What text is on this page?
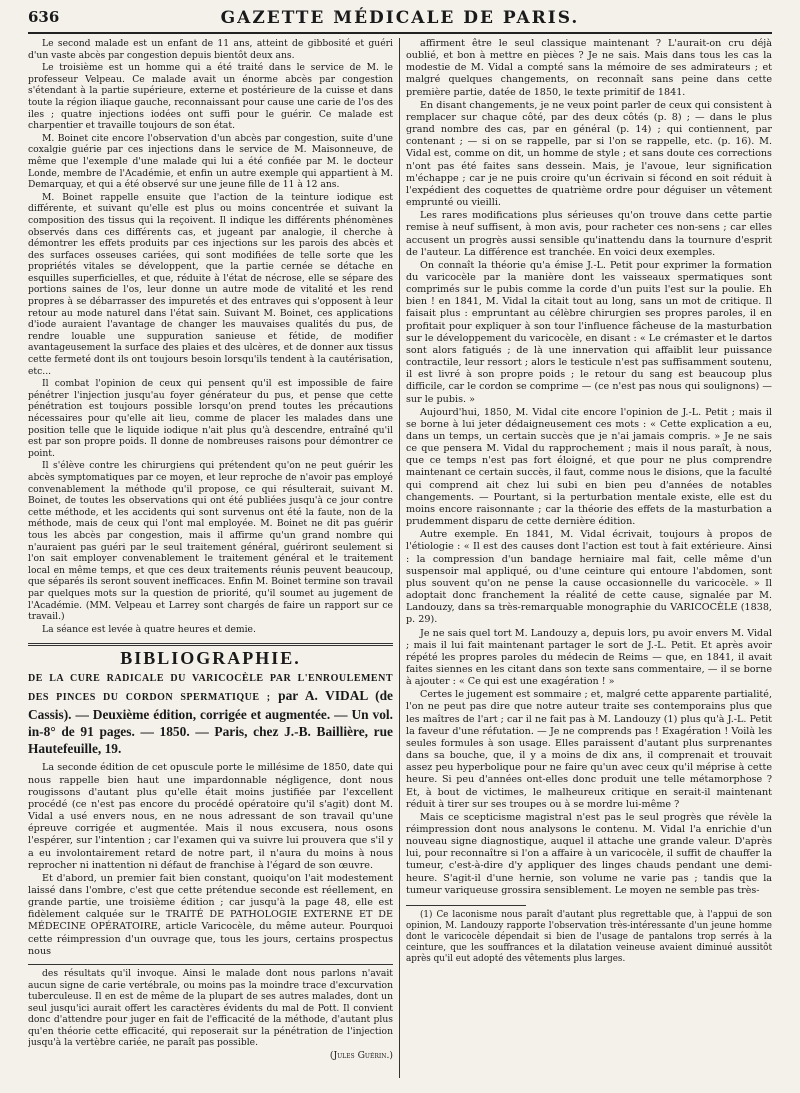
636	GAZETTE MÉDICALE DE PARIS.

Le second malade est un enfant de 11 ans, atteint de gibbosité et guéri d'un vaste abcès par congestion depuis bientôt deux ans.

Le troisième est un homme qui a été traité dans le service de M. le professeur Velpeau. Ce malade avait un énorme abcès par congestion s'étendant à la partie supérieure, externe et postérieure de la cuisse et dans toute la région iliaque gauche, reconnaissant pour cause une carie de l'os des iles ; quatre injections iodées ont suffi pour le guérir. Ce malade est charpentier et travaille toujours de son état.

M. Boinet cite encore l'observation d'un abcès par congestion, suite d'une coxalgie guérie par ces injections dans le service de M. Maisonneuve, de même que l'exemple d'une malade qui lui a été confiée par M. le docteur Londe, membre de l'Académie, et enfin un autre exemple qui appartient à M. Demarquay, et qui a été observé sur une jeune fille de 11 à 12 ans.

M. Boinet rappelle ensuite que l'action de la teinture iodique est différente, et suivant qu'elle est plus ou moins concentrée et suivant la composition des tissus qui la reçoivent. Il indique les différents phénomènes observés dans ces différents cas, et jugeant par analogie, il cherche à démontrer les effets produits par ces injections sur les parois des abcès et des surfaces osseuses cariées, qui sont modifiées de telle sorte que les propriétés vitales se développent, que la partie cernée se détache en esquilles superficielles, et que, réduite à l'état de nécrose, elle se sépare des portions saines de l'os, leur donne un autre mode de vitalité et les rend propres à se débarrasser des impuretés et des entraves qui s'opposent à leur retour au mode naturel dans l'état sain. Suivant M. Boinet, ces applications d'iode auraient l'avantage de changer les mauvaises qualités du pus, de rendre louable une suppuration sanieuse et fétide, de modifier avantageusement la surface des plaies et des ulcères, et de donner aux tissus cette fermeté dont ils ont toujours besoin lorsqu'ils tendent à la cautérisation, etc...

Il combat l'opinion de ceux qui pensent qu'il est impossible de faire pénétrer l'injection jusqu'au foyer générateur du pus, et pense que cette pénétration est toujours possible lorsqu'on prend toutes les précautions nécessaires pour qu'elle ait lieu, comme de placer les malades dans une position telle que le liquide iodique n'ait plus qu'à descendre, entraîné qu'il est par son propre poids. Il donne de nombreuses raisons pour démontrer ce point.

Il s'élève contre les chirurgiens qui prétendent qu'on ne peut guérir les abcès symptomatiques par ce moyen, et leur reproche de n'avoir pas employé convenablement la méthode qu'il propose, ce qui résulterait, suivant M. Boinet, de toutes les observations qui ont été publiées jusqu'à ce jour contre cette méthode, et les accidents qui sont survenus ont été la faute, non de la méthode, mais de ceux qui l'ont mal employée. M. Boinet ne dit pas guérir tous les abcès par congestion, mais il affirme qu'un grand nombre qui n'auraient pas guéri par le seul traitement général, guériront seulement si l'on sait employer convenablement le traitement général et le traitement local en même temps, et que ces deux traitements réunis peuvent beaucoup, que séparés ils seront souvent inefficaces. Enfin M. Boinet termine son travail par quelques mots sur la question de priorité, qu'il soumet au jugement de l'Académie. (MM. Velpeau et Larrey sont chargés de faire un rapport sur ce travail.)

La séance est levée à quatre heures et demie.

BIBLIOGRAPHIE.
DE LA CURE RADICALE DU VARICOCÈLE PAR L'ENROULEMENT DES PINCES DU CORDON SPERMATIQUE ; par A. VIDAL (de Cassis). — Deuxième édition, corrigée et augmentée. — Un vol. in-8° de 91 pages. — 1850. — Paris, chez J.-B. Baillière, rue Hautefeuille, 19.

La seconde édition de cet opuscule porte le millésime de 1850, date qui nous rappelle bien haut une impardonnable négligence, dont nous rougissons d'autant plus qu'elle était moins justifiée par l'excellent procédé (ce n'est pas encore du procédé opératoire qu'il s'agit) dont M. Vidal a usé envers nous, en ne nous adressant de son travail qu'une épreuve corrigée et augmentée. Mais il nous excusera, nous osons l'espérer, sur l'intention ; car l'examen qui va suivre lui prouvera que s'il y a eu involontairement retard de notre part, il n'aura du moins à nous reprocher ni inattention ni défaut de franchise à l'égard de son œuvre.

Et d'abord, un premier fait bien constant, quoiqu'on l'ait modestement laissé dans l'ombre, c'est que cette prétendue seconde est réellement, en grande partie, une troisième édition ; car jusqu'à la page 48, elle est fidèlement calquée sur le TRAITÉ DE PATHOLOGIE EXTERNE ET DE MÉDECINE OPÉRATOIRE, article Varicocèle, du même auteur. Pourquoi cette réimpression d'un ouvrage que, tous les jours, certains prospectus nous

des résultats qu'il invoque. Ainsi le malade dont nous parlons n'avait aucun signe de carie vertébrale, ou moins pas la moindre trace d'excurvation tuberculeuse. Il en est de même de la plupart de ses autres malades, dont un seul jusqu'ici aurait offert les caractères évidents du mal de Pott. Il convient donc d'attendre pour juger en fait de l'efficacité de la méthode, d'autant plus qu'en théorie cette efficacité, qui reposerait sur la pénétration de l'injection jusqu'à la vertèbre cariée, ne paraît pas possible.

(Jules Guérin.)

affirment être le seul classique maintenant ? L'aurait-on cru déjà oublié, et bon à mettre en pièces ? Je ne sais. Mais dans tous les cas la modestie de M. Vidal a compté sans la mémoire de ses admirateurs ; et malgré quelques changements, on reconnaît sans peine dans cette première partie, datée de 1850, le texte primitif de 1841.

En disant changements, je ne veux point parler de ceux qui consistent à remplacer sur chaque côté, par des deux côtés (p. 8) ; — dans le plus grand nombre des cas, par en général (p. 14) ; qui contiennent, par contenant ; — si on se rappelle, par si l'on se rappelle, etc. (p. 16). M. Vidal est, comme on dit, un homme de style ; et sans doute ces corrections n'ont pas été faites sans dessein. Mais, je l'avoue, leur signification m'échappe ; car je ne puis croire qu'un écrivain si fécond en soit réduit à l'expédient des coquettes de quatrième ordre pour déguiser un vêtement emprunté ou vieilli.

Les rares modifications plus sérieuses qu'on trouve dans cette partie remise à neuf suffisent, à mon avis, pour racheter ces non-sens ; car elles accusent un progrès aussi sensible qu'inattendu dans la tournure d'esprit de l'auteur. La différence est tranchée. En voici deux exemples.

On connaît la théorie qu'a émise J.-L. Petit pour exprimer la formation du varicocèle par la manière dont les vaisseaux spermatiques sont comprimés sur le pubis comme la corde d'un puits l'est sur la poulie. Eh bien ! en 1841, M. Vidal la citait tout au long, sans un mot de critique. Il faisait plus : empruntant au célèbre chirurgien ses propres paroles, il en profitait pour expliquer à son tour l'influence fâcheuse de la masturbation sur le développement du varicocèle, en disant : « Le crémaster et le dartos sont alors fatigués ; de là une innervation qui affaiblit leur puissance contractile, leur ressort ; alors le testicule n'est pas suffisamment soutenu, il est livré à son propre poids ; le retour du sang est beaucoup plus difficile, car le cordon se comprime — (ce n'est pas nous qui soulignons) — sur le pubis. »

Aujourd'hui, 1850, M. Vidal cite encore l'opinion de J.-L. Petit ; mais il se borne à lui jeter dédaigneusement ces mots : « Cette explication a eu, dans un temps, un certain succès que je n'ai jamais compris. » Je ne sais ce que pensera M. Vidal du rapprochement ; mais il nous paraît, à nous, que ce temps n'est pas fort éloigné, et que pour ne plus comprendre maintenant ce certain succès, il faut, comme nous le disions, que la faculté qui comprend ait chez lui subi en bien peu d'années de notables changements. — Pourtant, si la perturbation mentale existe, elle est du moins encore raisonnante ; car la théorie des effets de la masturbation a prudemment disparu de cette dernière édition.

Autre exemple. En 1841, M. Vidal écrivait, toujours à propos de l'étiologie : « Il est des causes dont l'action est tout à fait extérieure. Ainsi : la compression d'un bandage herniaire mal fait, celle même d'un suspensoir mal appliqué, ou d'une ceinture qui entoure l'abdomen, sont plus souvent qu'on ne pense la cause occasionnelle du varicocèle. » Il adoptait donc franchement la réalité de cette cause, signalée par M. Landouzy, dans sa très-remarquable monographie du VARICOCÈLE (1838, p. 29).

Je ne sais quel tort M. Landouzy a, depuis lors, pu avoir envers M. Vidal ; mais il lui fait maintenant partager le sort de J.-L. Petit. Et après avoir répété les propres paroles du médecin de Reims — que, en 1841, il avait faites siennes en les citant dans son texte sans commentaire, — il se borne à ajouter : « Ce qui est une exagération ! »

Certes le jugement est sommaire ; et, malgré cette apparente partialité, l'on ne peut pas dire que notre auteur traite ses contemporains plus que les maîtres de l'art ; car il ne fait pas à M. Landouzy (1) plus qu'à J.-L. Petit la faveur d'une réfutation. — Je ne comprends pas ! Exagération ! Voilà les seules formules à son usage. Elles paraissent d'autant plus surprenantes dans sa bouche, que, il y a moins de dix ans, il comprenait et trouvait assez peu hyperbolique pour ne faire qu'un avec ceux qu'il méprise à cette heure. Si peu d'années ont-elles donc produit une telle métamorphose ? Et, à bout de victimes, le malheureux critique en serait-il maintenant réduit à tirer sur ses troupes ou à se mordre lui-même ?

Mais ce scepticisme magistral n'est pas le seul progrès que révèle la réimpression dont nous analysons le contenu. M. Vidal l'a enrichie d'un nouveau signe diagnostique, auquel il attache une grande valeur. D'après lui, pour reconnaître si l'on a affaire à un varicocèle, il suffit de chauffer la tumeur, c'est-à-dire d'y appliquer des linges chauds pendant une demi-heure. S'agit-il d'une hernie, son volume ne varie pas ; tandis que la tumeur variqueuse grossira sensiblement. Le moyen ne semble pas très-

(1) Ce laconisme nous paraît d'autant plus regrettable que, à l'appui de son opinion, M. Landouzy rapporte l'observation très-intéressante d'un jeune homme dont le varicocèle dépendait si bien de l'usage de pantalons trop serrés à la ceinture, que les souffrances et la dilatation veineuse avaient diminué aussitôt après qu'il eut adopté des vêtements plus larges.
